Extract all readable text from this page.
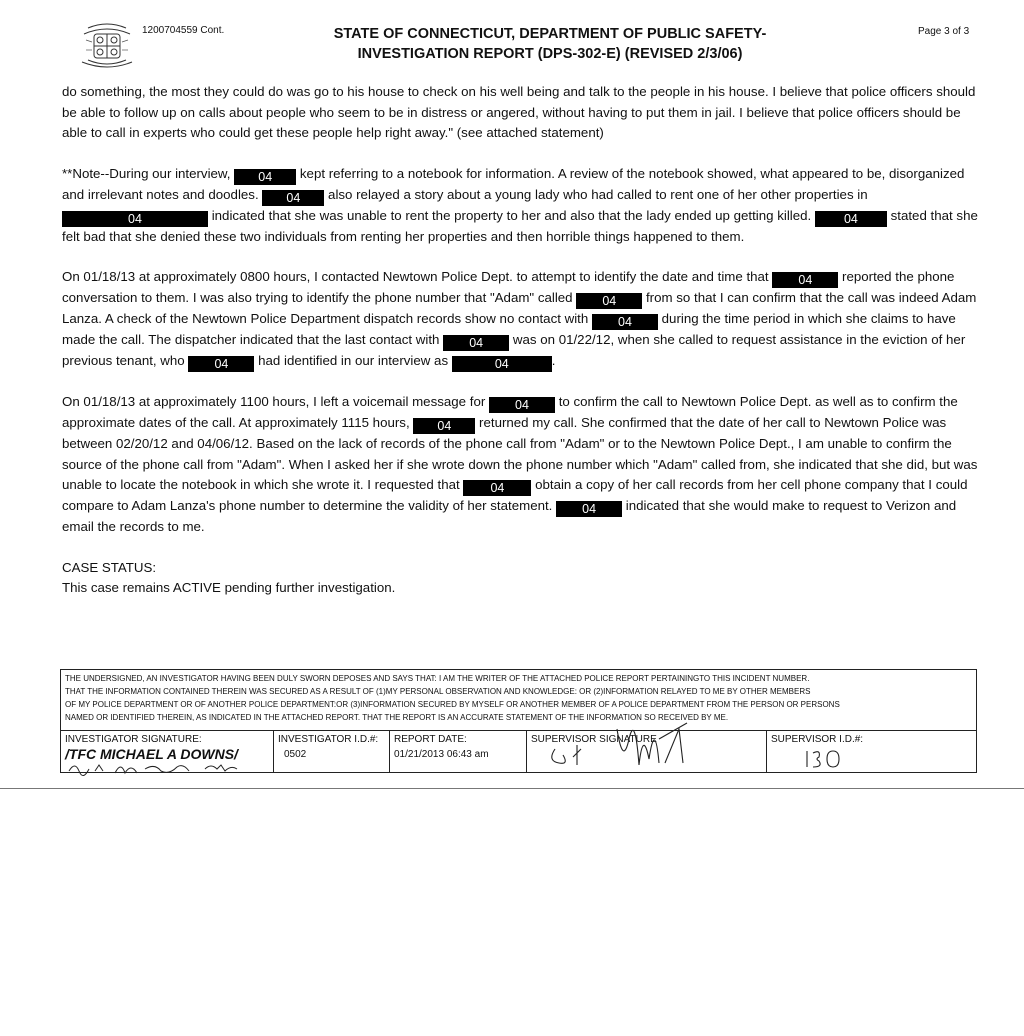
1200704559 Cont.	STATE OF CONNECTICUT, DEPARTMENT OF PUBLIC SAFETY-
INVESTIGATION REPORT (DPS-302-E) (REVISED 2/3/06)
Page 3 of 3

do something, the most they could do was go to his house to check on his well being and talk to the people in his house. I believe that police officers should be able to follow up on calls about people who seem to be in distress or angered, without having to put them in jail. I believe that police officers should be able to call in experts who could get these people help right away." (see attached statement)

**Note--During our interview, 04 kept referring to a notebook for information. A review of the notebook showed, what appeared to be, disorganized and irrelevant notes and doodles. 04 also relayed a story about a young lady who had called to rent one of her other properties in 04	indicated that she was unable to rent the property to her and also that the lady ended up getting killed.	04 stated that she felt bad that she denied these two individuals from renting her properties and then horrible things happened to them.

On 01/18/13 at approximately 0800 hours, I contacted Newtown Police Dept. to attempt to identify the date and time that 04 reported the phone conversation to them. I was also trying to identify the phone number that "Adam" called 04 from so that I can confirm that the call was indeed Adam Lanza. A check of the Newtown Police Department dispatch records show no contact with 04 during the time period in which she claims to have made the call. The dispatcher indicated that the last contact with 04 was on 01/22/12, when she called to request assistance in the eviction of her previous tenant, who 04 had identified in our interview as	04	.

On 01/18/13 at approximately 1100 hours, I left a voicemail message for 04 to confirm the call to Newtown Police Dept. as well as to confirm the approximate dates of the call. At approximately 1115 hours, 04 returned my call. She confirmed that the date of her call to Newtown Police was between 02/20/12 and 04/06/12. Based on the lack of records of the phone call from "Adam" or to the Newtown Police Dept., I am unable to confirm the source of the phone call from "Adam". When I asked her if she wrote down the phone number which "Adam" called from, she indicated that she did, but was unable to locate the notebook in which she wrote it. I requested that 04 obtain a copy of her call records from her cell phone company that I could compare to Adam Lanza's phone number to determine the validity of her statement. 04 indicated that she would make to request to Verizon and email the records to me.

CASE STATUS:

This case remains ACTIVE pending further investigation.

THE UNDERSIGNED, AN INVESTIGATOR HAVING BEEN DULY SWORN DEPOSES AND SAYS THAT: I AM THE WRITER OF THE ATTACHED POLICE REPORT PERTAININGTO THIS INCIDENT NUMBER.
THAT THE INFORMATION CONTAINED THEREIN WAS SECURED AS A RESULT OF (1)MY PERSONAL OBSERVATION AND KNOWLEDGE: OR (2)INFORMATION RELAYED TO ME BY OTHER MEMBERS
OF MY POLICE DEPARTMENT OR OF ANOTHER POLICE DEPARTMENT:OR (3)INFORMATION SECURED BY MYSELF OR ANOTHER MEMBER OF A POLICE DEPARTMENT FROM THE PERSON OR PERSONS
NAMED OR IDENTIFIED THEREIN, AS INDICATED IN THE ATTACHED REPORT. THAT THE REPORT IS AN ACCURATE STATEMENT OF THE INFORMATION SO RECEIVED BY ME.
INVESTIGATOR SIGNATURE:
/TFC MICHAEL A DOWNS/
INVESTIGATOR I.D.#:
0502
REPORT DATE:
01/21/2013 06:43 am
SUPERVISOR SIGNATURE	SUPERVISOR I.D.#:
